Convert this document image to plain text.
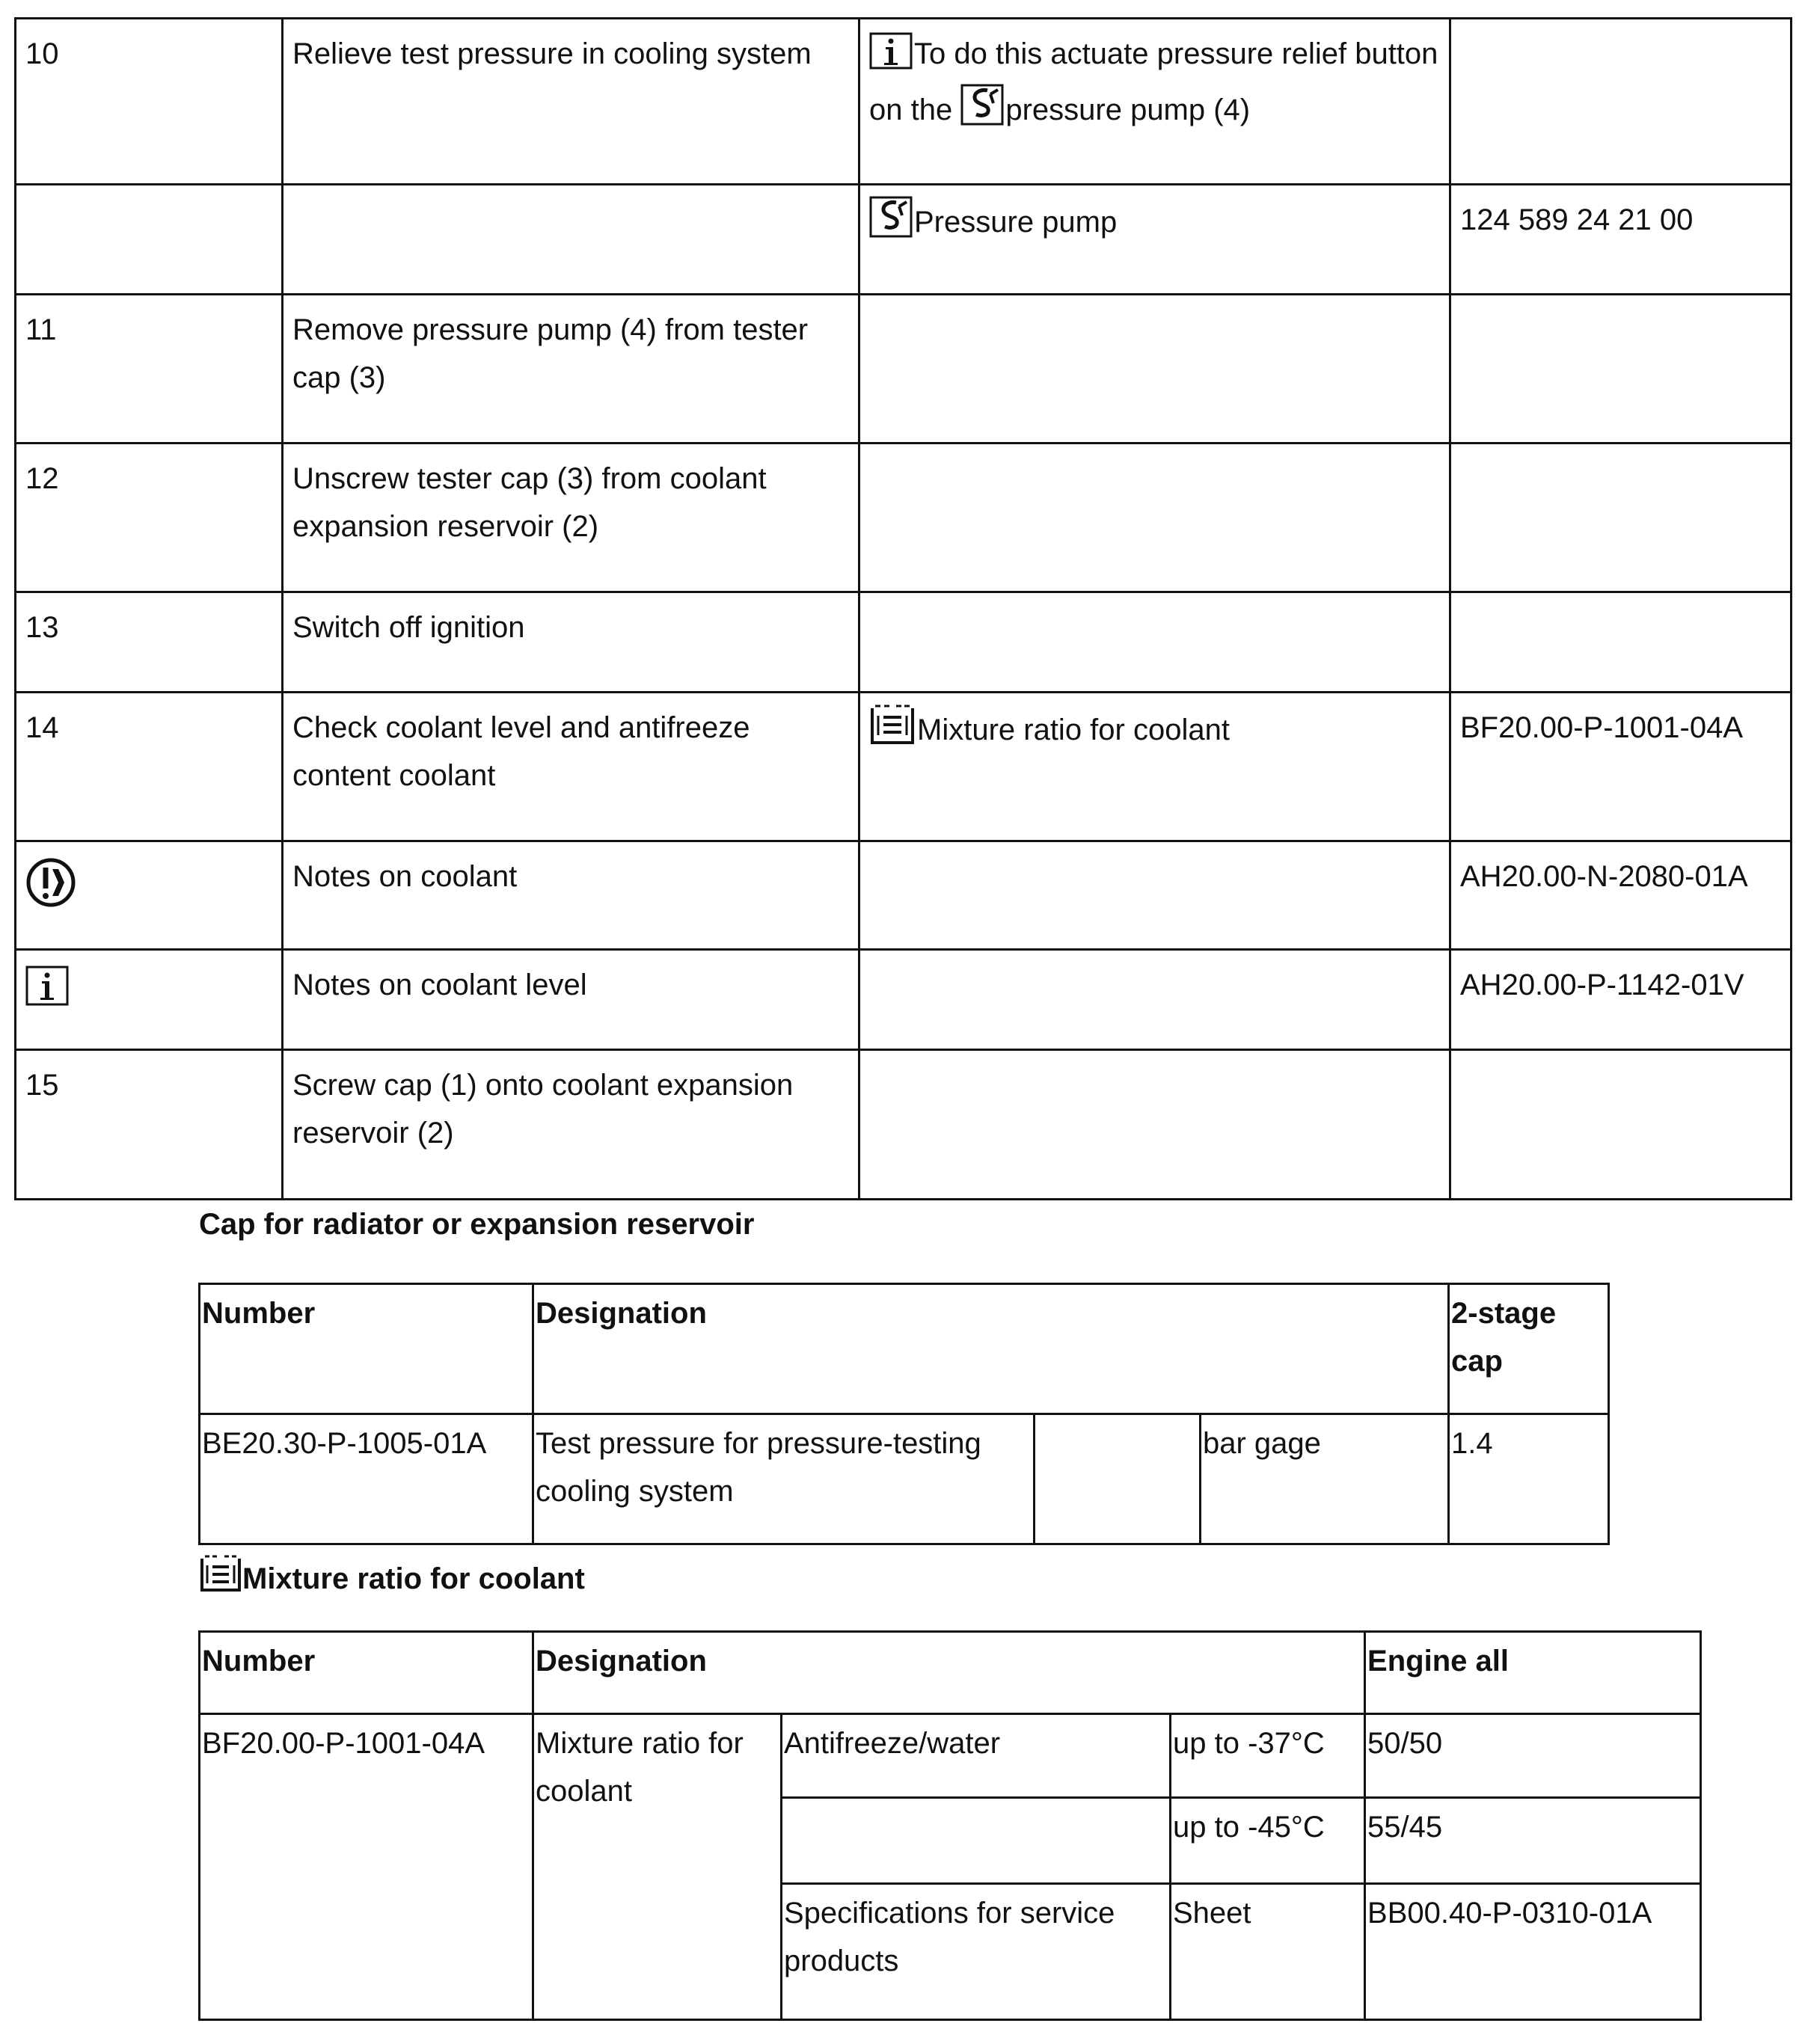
10	Relieve test pressure in cooling system	To do this actuate pressure relief button on the pressure pump (4)	
		Pressure pump	124 589 24 21 00
11	Remove pressure pump (4) from tester cap (3)		
12	Unscrew tester cap (3) from coolant expansion reservoir (2)		
13	Switch off ignition		
14	Check coolant level and antifreeze content coolant	Mixture ratio for coolant	BF20.00-P-1001-04A
	Notes on coolant		AH20.00-N-2080-01A
	Notes on coolant level		AH20.00-P-1142-01V
15	Screw cap (1) onto coolant expansion reservoir (2)		
Cap for radiator or expansion reservoir
Number	Designation			2-stage cap
BE20.30-P-1005-01A	Test pressure for pressure-testing cooling system		bar gage	1.4
Mixture ratio for coolant
Number	Designation			Engine all
BF20.00-P-1001-04A	Mixture ratio for coolant	Antifreeze/water	up to -37°C	50/50
			up to -45°C	55/45
		Specifications for service products	Sheet	BB00.40-P-0310-01A
